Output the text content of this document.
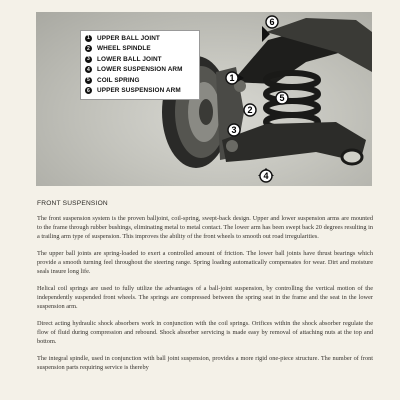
1
2
3
4
5
6
1	UPPER BALL JOINT
2	WHEEL SPINDLE
3	LOWER BALL JOINT
4	LOWER SUSPENSION ARM
5	COIL SPRING
6	UPPER SUSPENSION ARM
FRONT SUSPENSION

The front suspension system is the proven balljoint, coil-spring, swept-back design. Upper and lower suspension arms are mounted to the frame through rubber bushings, eliminating metal to metal contact. The lower arm has been swept back 20 degrees resulting in a trailing arm type of suspension. This improves the ability of the front wheels to smooth out road irregularities.

The upper ball joints are spring-loaded to exert a controlled amount of friction. The lower ball joints have thrust bearings which provide a smooth turning feel throughout the steering range. Spring loading automatically compensates for wear. Dirt and moisture seals insure long life.

Helical coil springs are used to fully utilize the advantages of a ball-joint suspension, by controlling the vertical motion of the independently suspended front wheels. The springs are compressed between the spring seat in the frame and the seat in the lower suspension arm.

Direct acting hydraulic shock absorbers work in conjunction with the coil springs. Orifices within the shock absorber regulate the flow of fluid during compression and rebound. Shock absorber servicing is made easy by removal of attaching nuts at the top and bottom.

The integral spindle, used in conjunction with ball joint suspension, provides a more rigid one-piece structure. The number of front suspension parts requiring service is thereby
